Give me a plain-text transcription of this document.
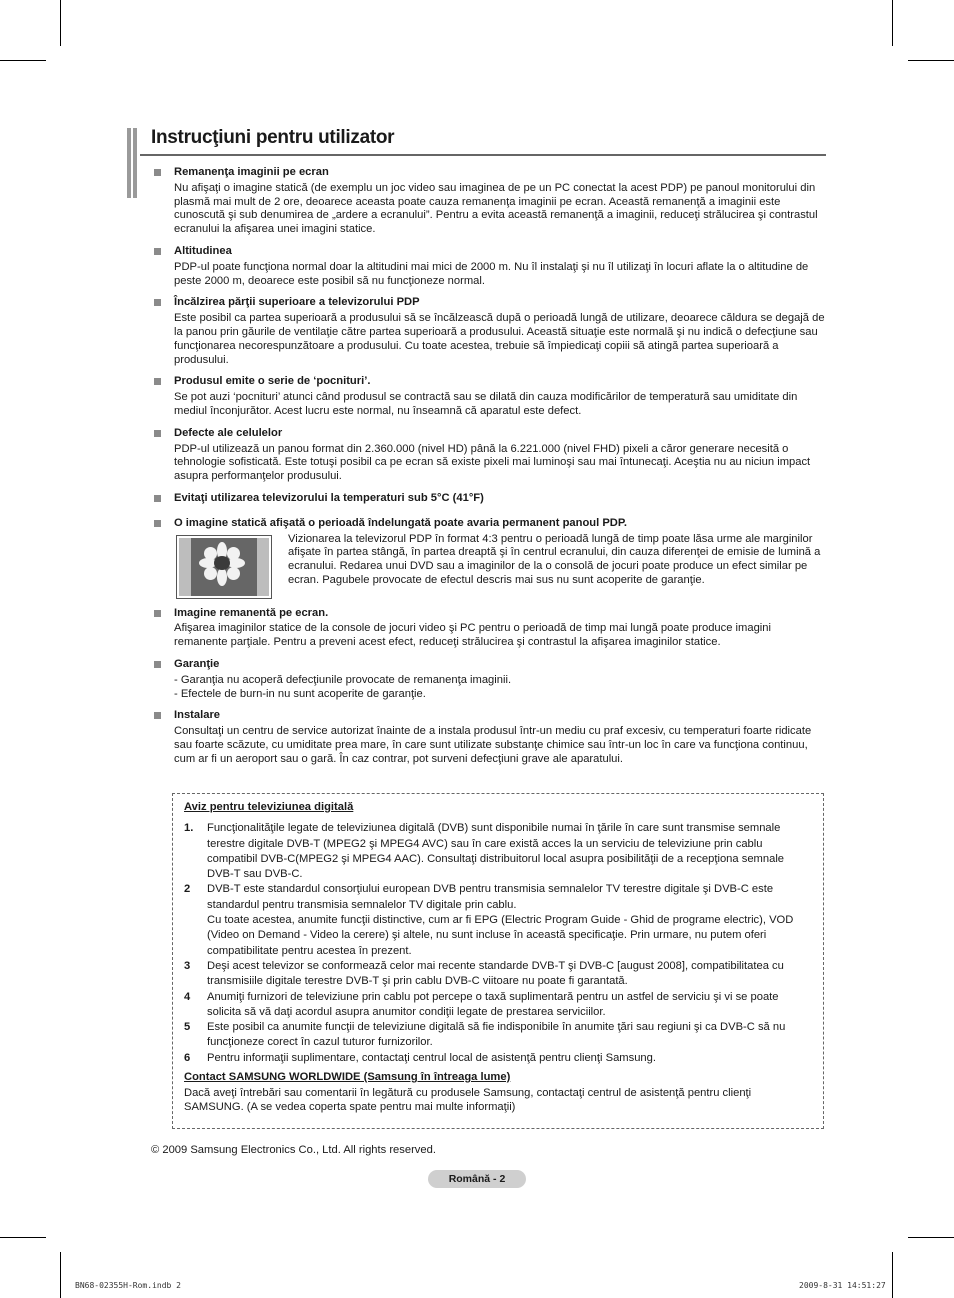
Instrucţiuni pentru utilizator
Remanenţa imaginii pe ecran
Nu afişaţi o imagine statică (de exemplu un joc video sau imaginea de pe un PC conectat la acest PDP) pe panoul monitorului din plasmă mai mult de 2 ore, deoarece aceasta poate cauza remanenţa imaginii pe ecran. Această remanenţă a imaginii este cunoscută şi sub denumirea de „ardere a ecranului”. Pentru a evita această remanenţă a imaginii, reduceţi strălucirea şi contrastul ecranului la afişarea unei imagini statice.
Altitudinea
PDP-ul poate funcţiona normal doar la altitudini mai mici de 2000 m. Nu îl instalaţi şi nu îl utilizaţi în locuri aflate la o altitudine de peste 2000 m, deoarece este posibil să nu funcţioneze normal.
Încălzirea părţii superioare a televizorului PDP
Este posibil ca partea superioară a produsului să se încălzească după o perioadă lungă de utilizare, deoarece căldura se degajă de la panou prin găurile de ventilaţie către partea superioară a produsului. Această situaţie este normală şi nu indică o defecţiune sau funcţionarea necorespunzătoare a produsului. Cu toate acestea, trebuie să împiedicaţi copiii să atingă partea superioară a produsului.
Produsul emite o serie de ‘pocnituri’.
Se pot auzi ‘pocnituri’ atunci când produsul se contractă sau se dilată din cauza modificărilor de temperatură sau umiditate din mediul înconjurător. Acest lucru este normal, nu înseamnă că aparatul este defect.
Defecte ale celulelor
PDP-ul utilizează un panou format din 2.360.000 (nivel HD) până la 6.221.000 (nivel FHD) pixeli a căror generare necesită o tehnologie sofisticată. Este totuşi posibil ca pe ecran să existe pixeli mai luminoşi sau mai întunecaţi. Aceştia nu au niciun impact asupra performanţelor produsului.
Evitaţi utilizarea televizorului la temperaturi sub 5°C (41°F)
O imagine statică afişată o perioadă îndelungată poate avaria permanent panoul PDP.
Vizionarea la televizorul PDP în format 4:3 pentru o perioadă lungă de timp poate lăsa urme ale marginilor afişate în partea stângă, în partea dreaptă şi în centrul ecranului, din cauza diferenţei de emisie de lumină a ecranului. Redarea unui DVD sau a imaginilor de la o consolă de jocuri poate produce un efect similar pe ecran. Pagubele provocate de efectul descris mai sus nu sunt acoperite de garanţie.
Imagine remanentă pe ecran.
Afişarea imaginilor statice de la console de jocuri video şi PC pentru o perioadă de timp mai lungă poate produce imagini remanente parţiale. Pentru a preveni acest efect, reduceţi strălucirea şi contrastul la afişarea imaginilor statice.
Garanţie
- Garanţia nu acoperă defecţiunile provocate de remanenţa imaginii.
- Efectele de burn-in nu sunt acoperite de garanţie.
Instalare
Consultaţi un centru de service autorizat înainte de a instala produsul într-un mediu cu praf excesiv, cu temperaturi foarte ridicate sau foarte scăzute, cu umiditate prea mare, în care sunt utilizate substanţe chimice sau într-un loc în care va funcţiona continuu, cum ar fi un aeroport sau o gară. În caz contrar, pot surveni defecţiuni grave ale aparatului.
Aviz pentru televiziunea digitală
1. Funcţionalităţile legate de televiziunea digitală (DVB) sunt disponibile numai în ţările în care sunt transmise semnale terestre digitale DVB-T (MPEG2 şi MPEG4 AVC) sau în care există acces la un serviciu de televiziune prin cablu compatibil DVB-C(MPEG2 şi MPEG4 AAC). Consultaţi distribuitorul local asupra posibilităţii de a recepţiona semnale DVB-T sau DVB-C.
2 DVB-T este standardul consorţiului european DVB pentru transmisia semnalelor TV terestre digitale şi DVB-C este standardul pentru transmisia semnalelor TV digitale prin cablu.
Cu toate acestea, anumite funcţii distinctive, cum ar fi EPG (Electric Program Guide - Ghid de programe electric), VOD (Video on Demand - Video la cerere) şi altele, nu sunt incluse în această specificaţie. Prin urmare, nu putem oferi compatibilitate pentru acestea în prezent.
3 Deşi acest televizor se conformează celor mai recente standarde DVB-T şi DVB-C [august 2008], compatibilitatea cu transmisiile digitale terestre DVB-T şi prin cablu DVB-C viitoare nu poate fi garantată.
4 Anumiţi furnizori de televiziune prin cablu pot percepe o taxă suplimentară pentru un astfel de serviciu şi vi se poate solicita să vă daţi acordul asupra anumitor condiţii legate de prestarea serviciilor.
5 Este posibil ca anumite funcţii de televiziune digitală să fie indisponibile în anumite ţări sau regiuni şi ca DVB-C să nu funcţioneze corect în cazul tuturor furnizorilor.
6 Pentru informaţii suplimentare, contactaţi centrul local de asistenţă pentru clienţi Samsung.
Contact SAMSUNG WORLDWIDE (Samsung în întreaga lume)
Dacă aveţi întrebări sau comentarii în legătură cu produsele Samsung, contactaţi centrul de asistenţă pentru clienţi SAMSUNG. (A se vedea coperta spate pentru mai multe informaţii)
© 2009 Samsung Electronics Co., Ltd. All rights reserved.
Română - 2
BN68-02355H-Rom.indb 2	2009-8-31 14:51:27
